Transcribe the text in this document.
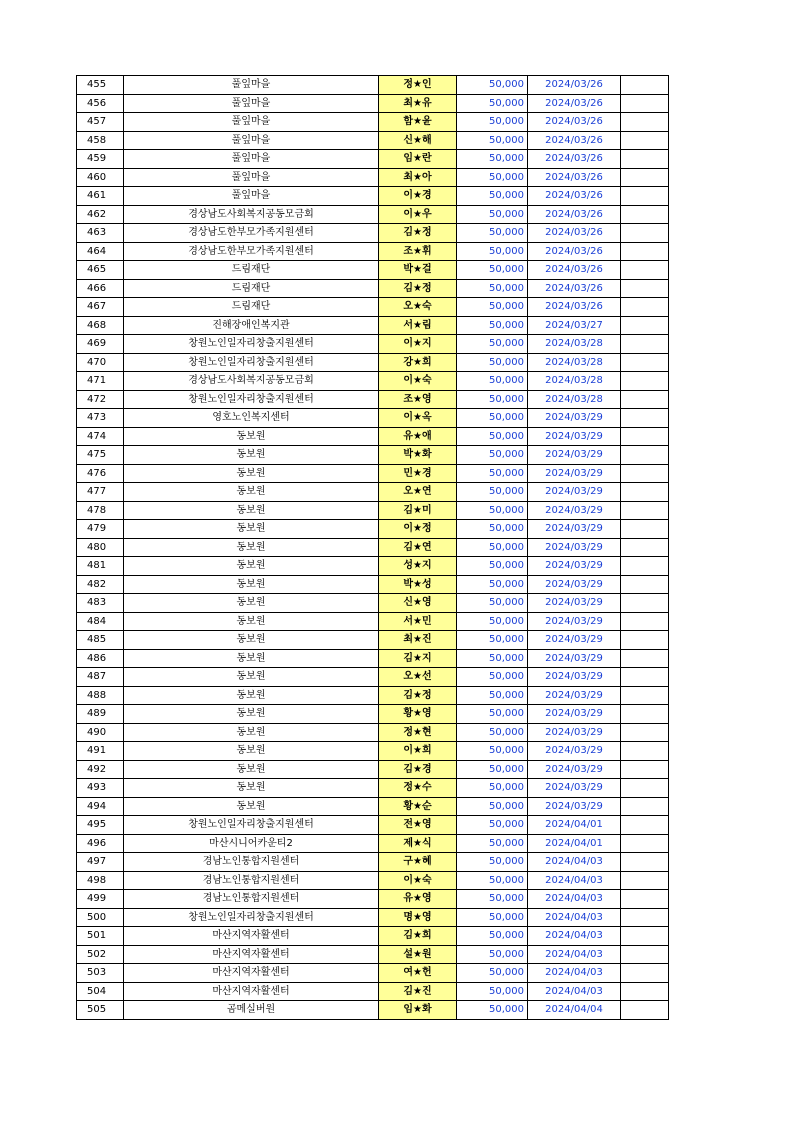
455	풀잎마을	정★인	50,000	2024/03/26	
456	풀잎마을	최★유	50,000	2024/03/26	
457	풀잎마을	함★윤	50,000	2024/03/26	
458	풀잎마을	신★해	50,000	2024/03/26	
459	풀잎마을	임★란	50,000	2024/03/26	
460	풀잎마을	최★아	50,000	2024/03/26	
461	풀잎마을	이★경	50,000	2024/03/26	
462	경상남도사회복지공동모금회	이★우	50,000	2024/03/26	
463	경상남도한부모가족지원센터	김★정	50,000	2024/03/26	
464	경상남도한부모가족지원센터	조★휘	50,000	2024/03/26	
465	드림재단	박★걸	50,000	2024/03/26	
466	드림재단	김★정	50,000	2024/03/26	
467	드림재단	오★숙	50,000	2024/03/26	
468	진해장애인복지관	서★림	50,000	2024/03/27	
469	창원노인일자리창출지원센터	이★지	50,000	2024/03/28	
470	창원노인일자리창출지원센터	강★희	50,000	2024/03/28	
471	경상남도사회복지공동모금회	이★숙	50,000	2024/03/28	
472	창원노인일자리창출지원센터	조★영	50,000	2024/03/28	
473	영호노인복지센터	이★옥	50,000	2024/03/29	
474	동보원	유★애	50,000	2024/03/29	
475	동보원	박★화	50,000	2024/03/29	
476	동보원	민★경	50,000	2024/03/29	
477	동보원	오★연	50,000	2024/03/29	
478	동보원	김★미	50,000	2024/03/29	
479	동보원	이★정	50,000	2024/03/29	
480	동보원	김★연	50,000	2024/03/29	
481	동보원	성★지	50,000	2024/03/29	
482	동보원	박★성	50,000	2024/03/29	
483	동보원	신★영	50,000	2024/03/29	
484	동보원	서★민	50,000	2024/03/29	
485	동보원	최★진	50,000	2024/03/29	
486	동보원	김★지	50,000	2024/03/29	
487	동보원	오★선	50,000	2024/03/29	
488	동보원	김★정	50,000	2024/03/29	
489	동보원	황★영	50,000	2024/03/29	
490	동보원	정★현	50,000	2024/03/29	
491	동보원	이★희	50,000	2024/03/29	
492	동보원	김★경	50,000	2024/03/29	
493	동보원	정★수	50,000	2024/03/29	
494	동보원	황★순	50,000	2024/03/29	
495	창원노인일자리창출지원센터	전★영	50,000	2024/04/01	
496	마산시니어카운티2	제★식	50,000	2024/04/01	
497	경남노인통합지원센터	구★혜	50,000	2024/04/03	
498	경남노인통합지원센터	이★숙	50,000	2024/04/03	
499	경남노인통합지원센터	유★영	50,000	2024/04/03	
500	창원노인일자리창출지원센터	명★영	50,000	2024/04/03	
501	마산지역자활센터	김★희	50,000	2024/04/03	
502	마산지역자활센터	설★원	50,000	2024/04/03	
503	마산지역자활센터	여★헌	50,000	2024/04/03	
504	마산지역자활센터	김★진	50,000	2024/04/03	
505	곰메실버원	임★화	50,000	2024/04/04	
